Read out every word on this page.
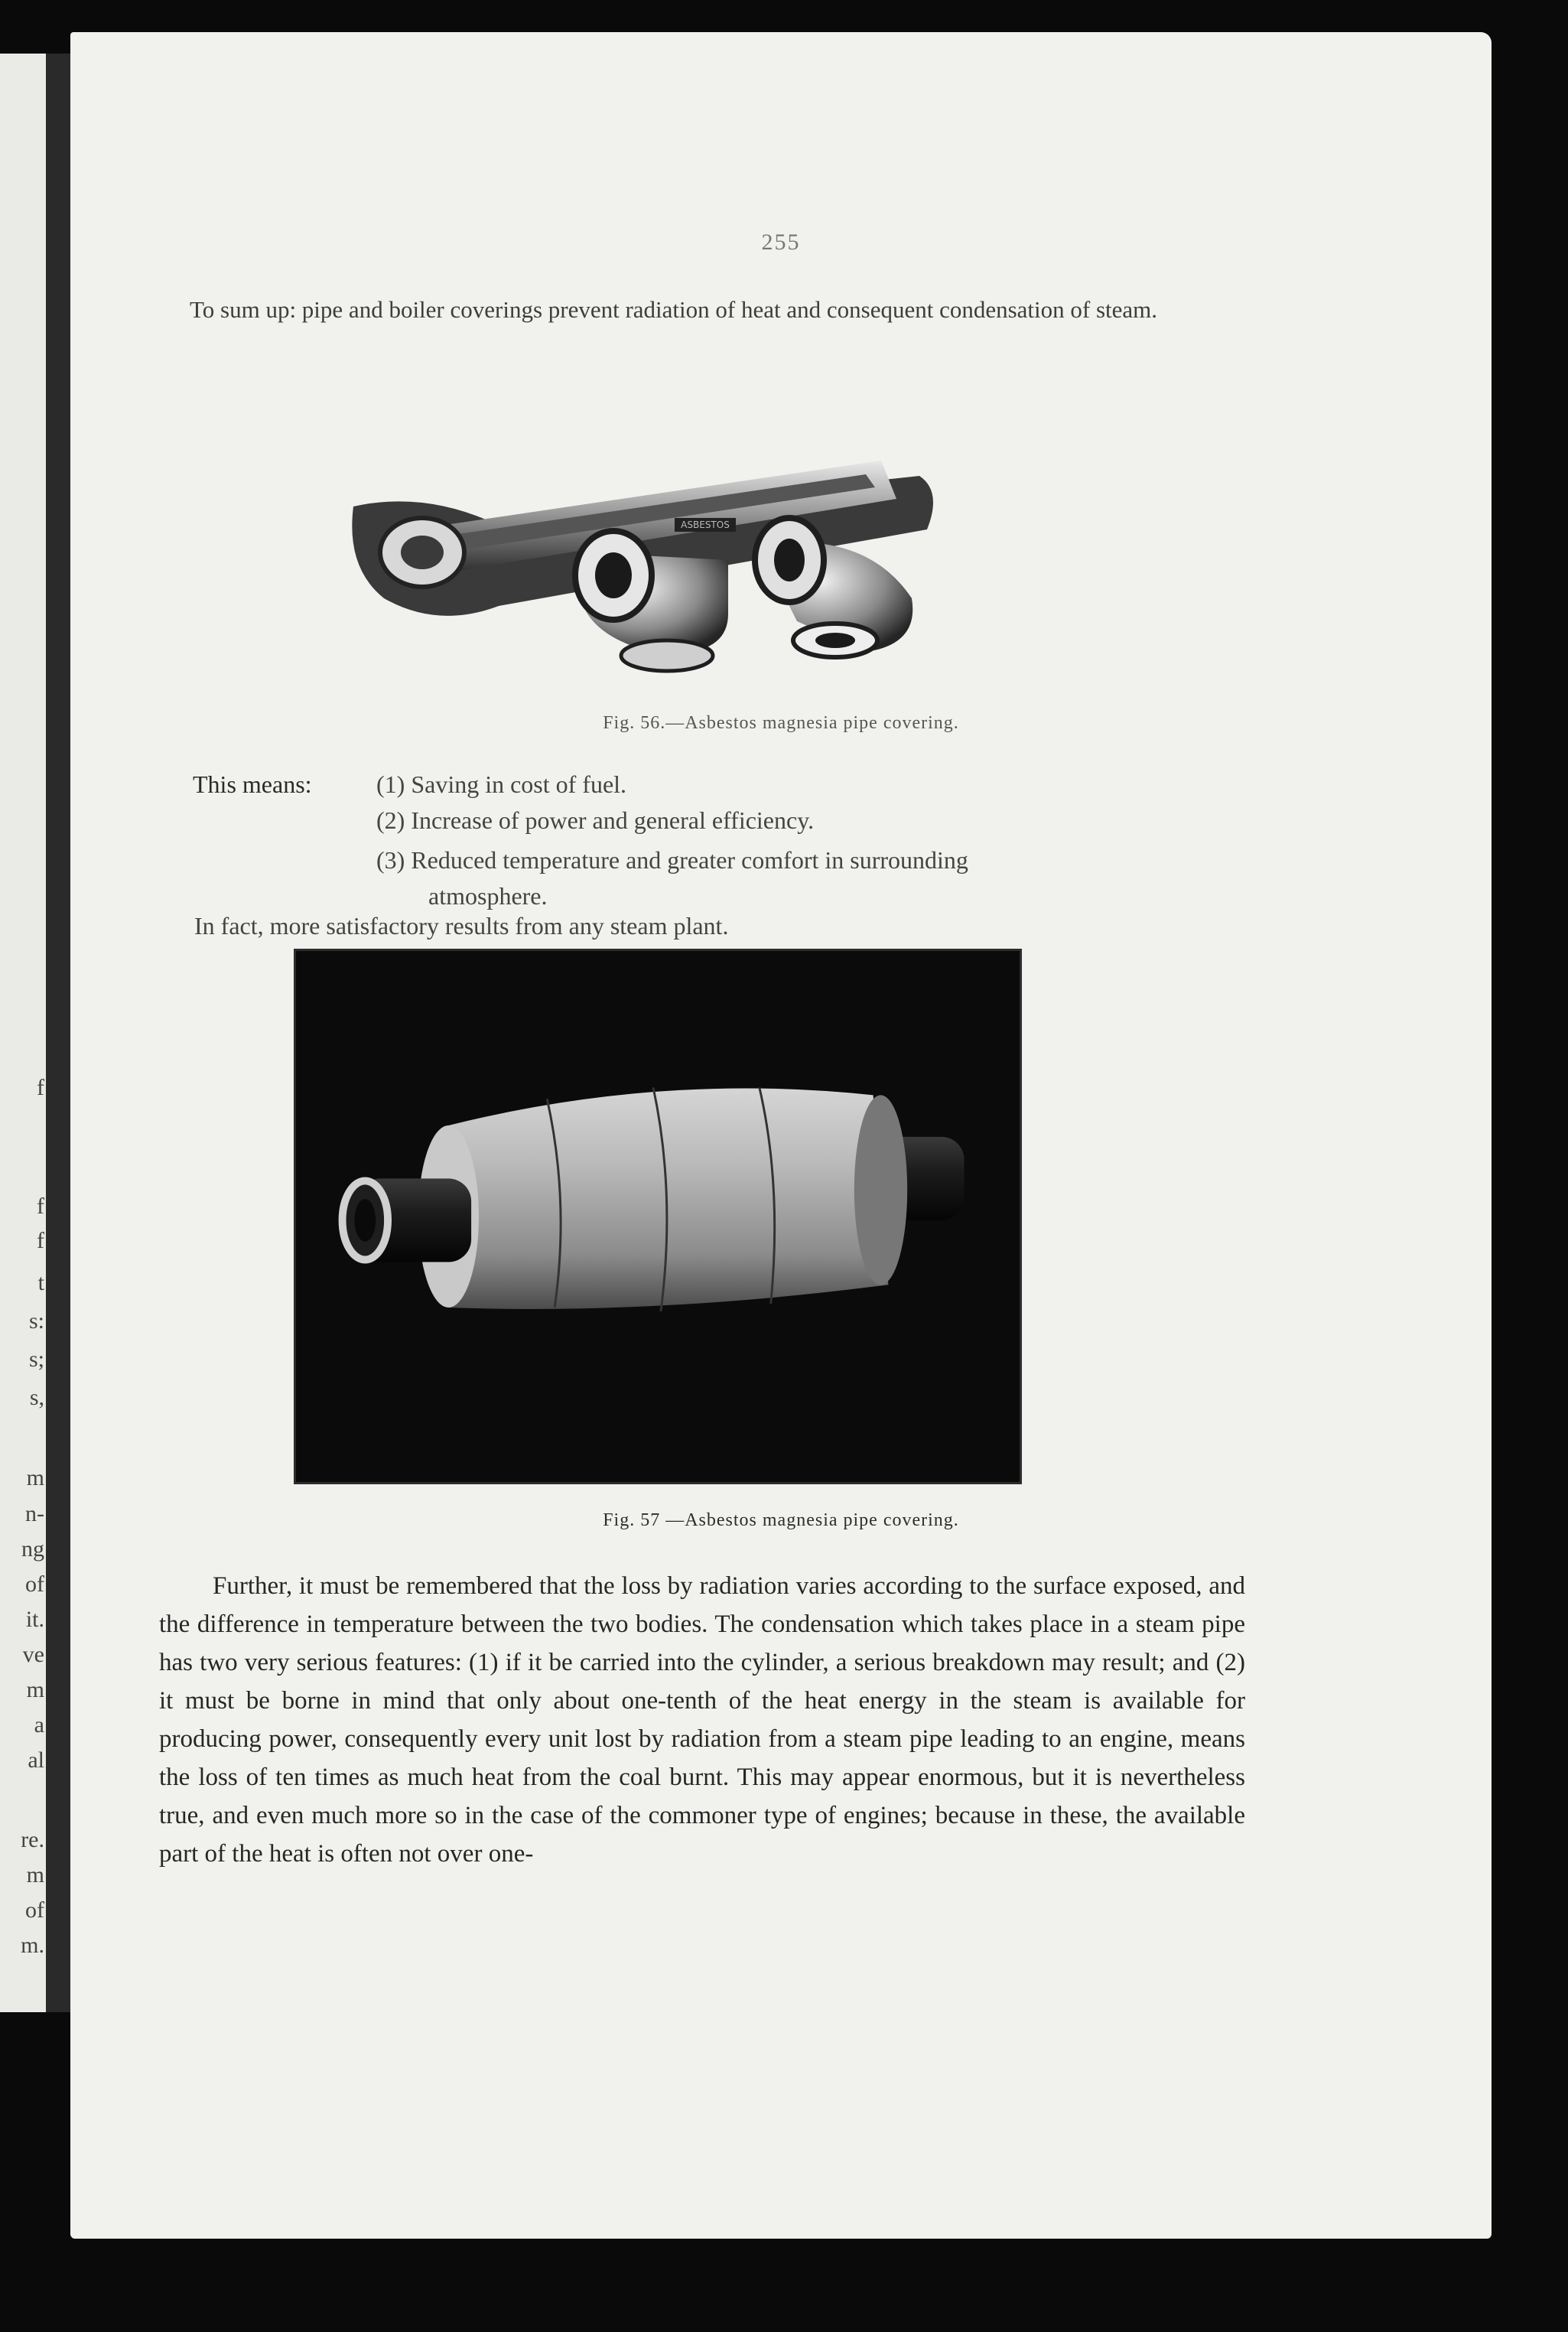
f
f
f
t
s:
s;
s,
m
n-
ng
of
it.
ve
m
a
al
re.
m
of
m.
255
To sum up: pipe and boiler coverings prevent radiation of heat and consequent condensation of steam.
ASBESTOS
Fig. 56.—Asbestos magnesia pipe covering.
This means:	(1) Saving in cost of fuel.
(2) Increase of power and general efficiency.
(3) Reduced temperature and greater comfort in surrounding
atmosphere.
In fact, more satisfactory results from any steam plant.
Fig. 57 —Asbestos magnesia pipe covering.
Further, it must be remembered that the loss by radiation varies according to the surface exposed, and the difference in temperature between the two bodies. The condensation which takes place in a steam pipe has two very serious features: (1) if it be carried into the cylinder, a serious breakdown may result; and (2) it must be borne in mind that only about one-tenth of the heat energy in the steam is available for producing power, consequently every unit lost by radiation from a steam pipe leading to an engine, means the loss of ten times as much heat from the coal burnt. This may appear enormous, but it is nevertheless true, and even much more so in the case of the commoner type of engines; because in these, the available part of the heat is often not over one-
